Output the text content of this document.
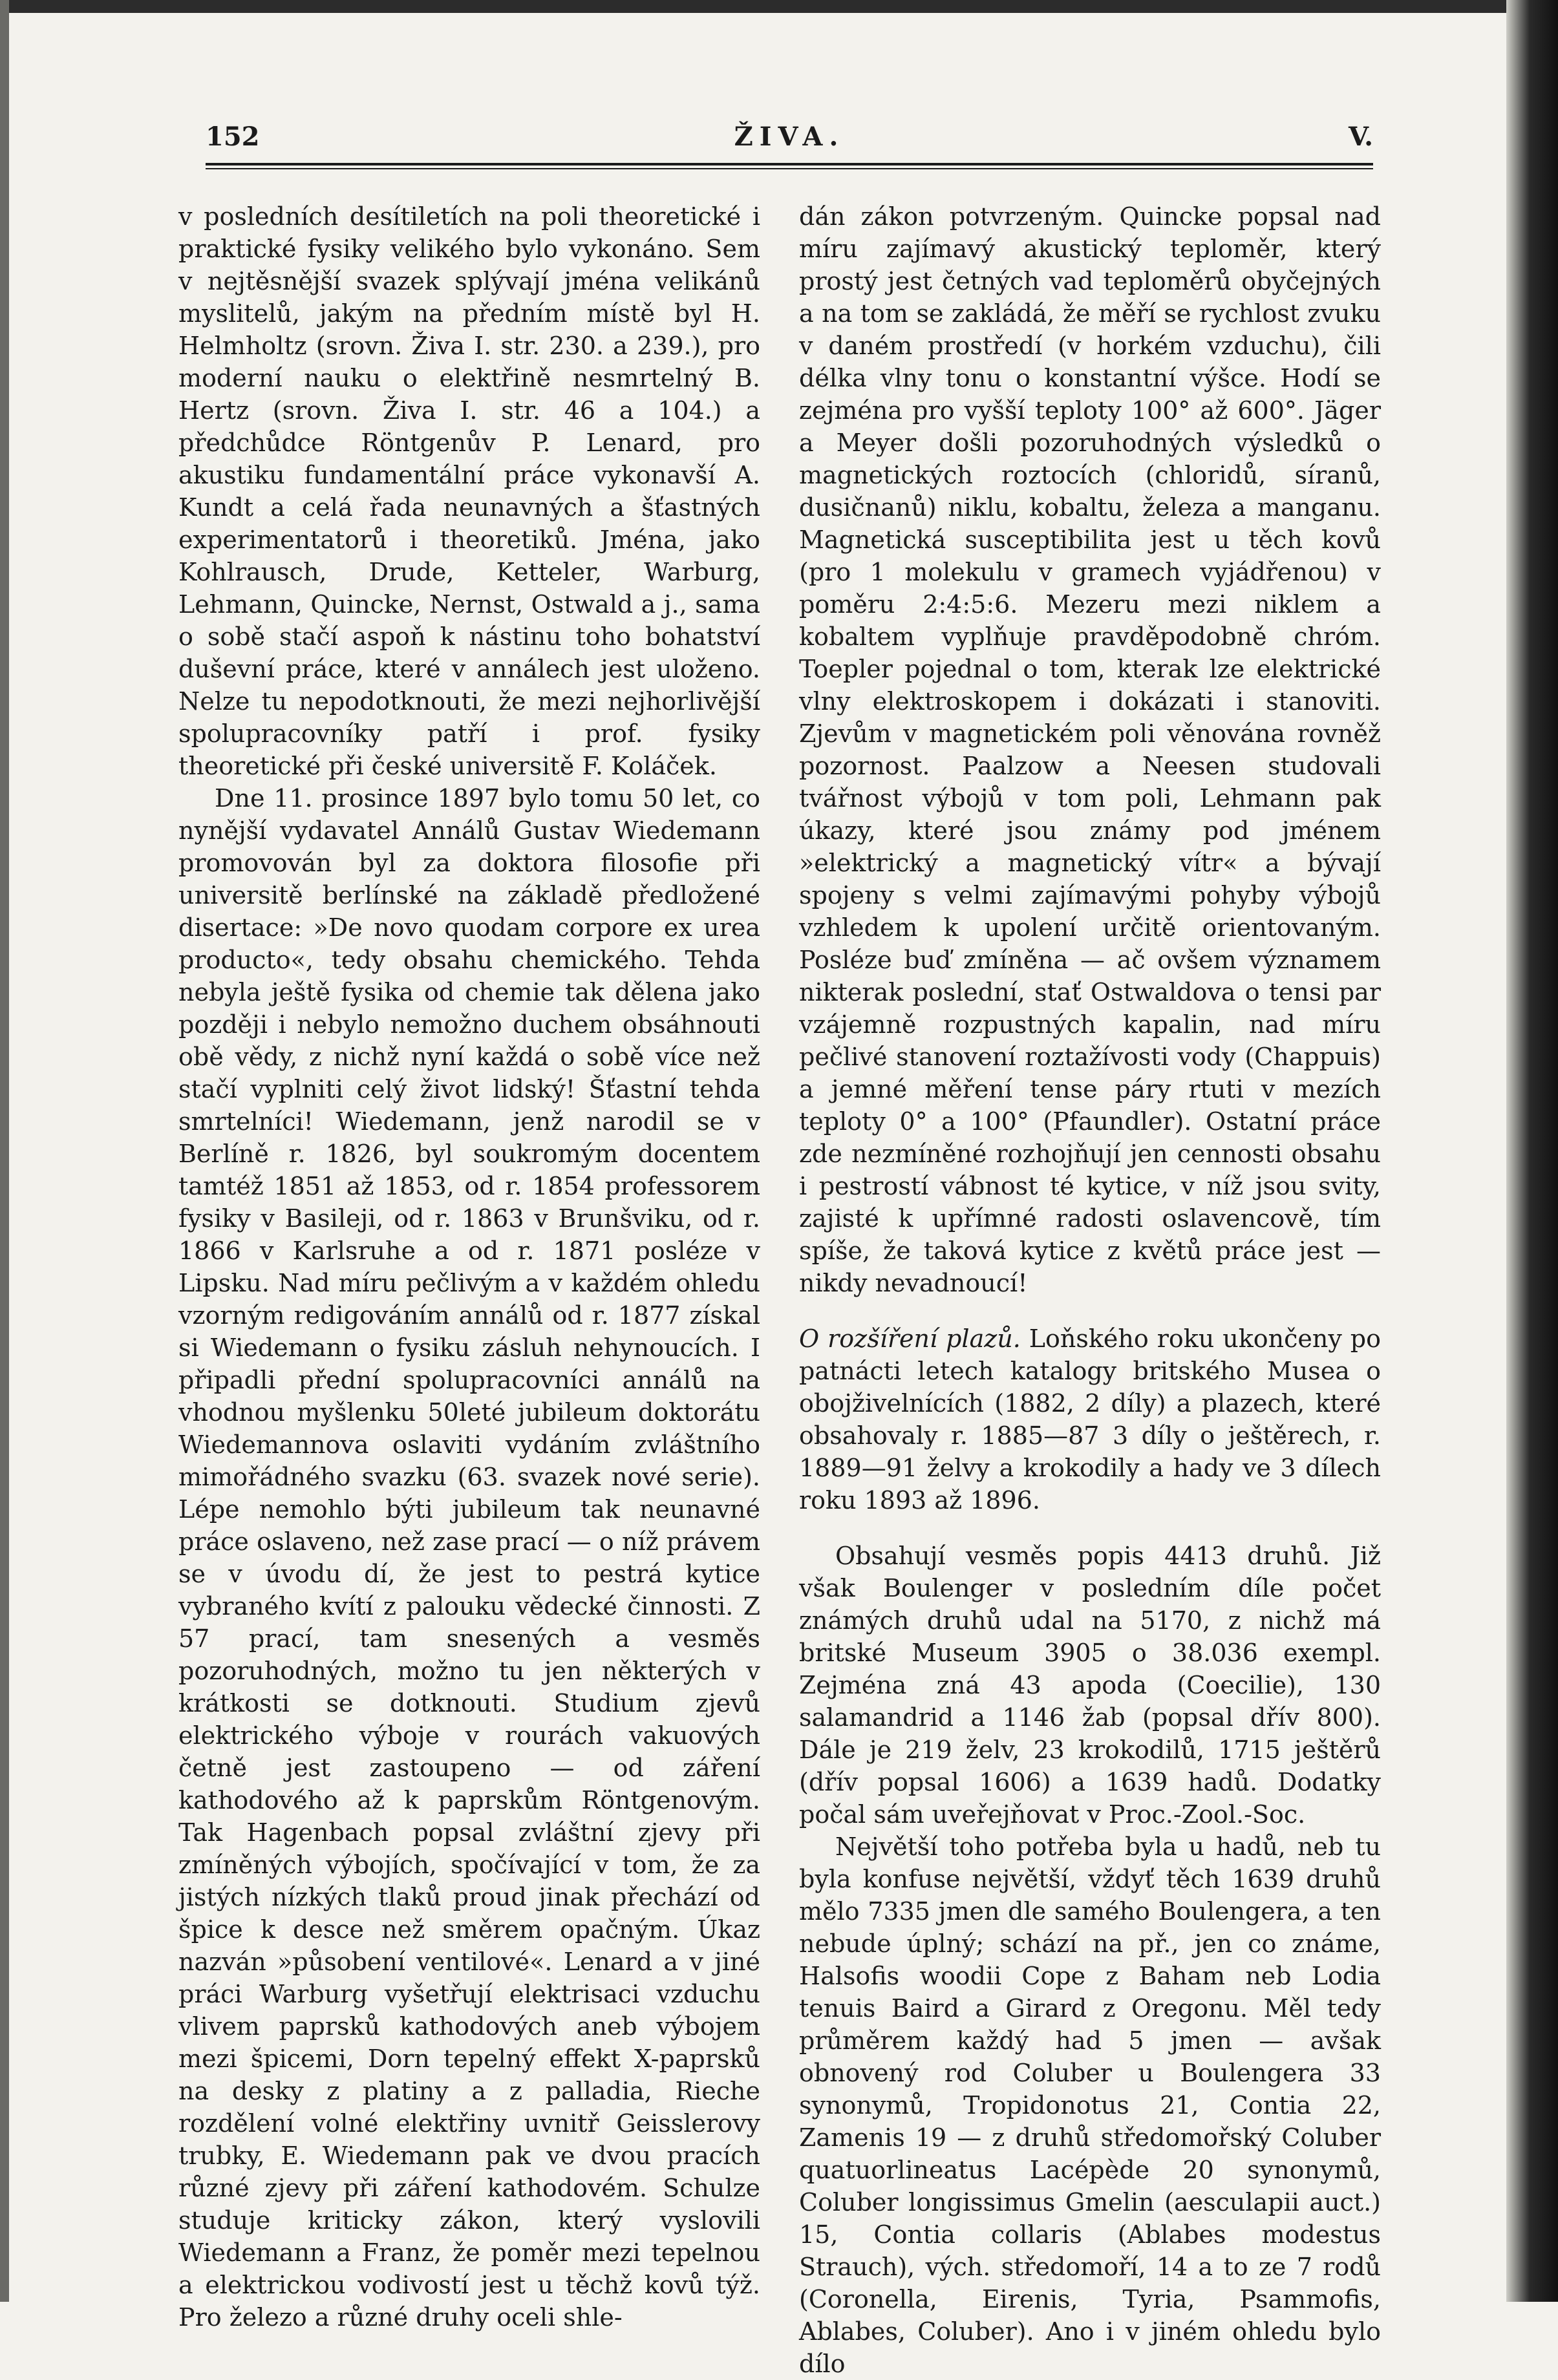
152	ŽIVA.	V.

v posledních desítiletích na poli theoretické i praktické fysiky velikého bylo vykonáno. Sem v nejtěsnější svazek splývají jména velikánů myslitelů, jakým na předním místě byl H. Helmholtz (srovn. Živa I. str. 230. a 239.), pro moderní nauku o elektřině nesmrtelný B. Hertz (srovn. Živa I. str. 46 a 104.) a předchůdce Röntgenův P. Lenard, pro akustiku fundamentální práce vykonavší A. Kundt a celá řada neunavných a šťastných experimentatorů i theoretiků. Jména, jako Kohlrausch, Drude, Ketteler, Warburg, Lehmann, Quincke, Nernst, Ostwald a j., sama o sobě stačí aspoň k nástinu toho bohatství duševní práce, které v annálech jest uloženo. Nelze tu nepodotknouti, že mezi nejhorlivější spolupracovníky patří i prof. fysiky theoretické při české universitě F. Koláček.

Dne 11. prosince 1897 bylo tomu 50 let, co nynější vydavatel Annálů Gustav Wiedemann promovován byl za doktora filosofie při universitě berlínské na základě předložené disertace: »De novo quodam corpore ex urea producto«, tedy obsahu chemického. Tehda nebyla ještě fysika od chemie tak dělena jako později i nebylo nemožno duchem obsáhnouti obě vědy, z nichž nyní každá o sobě více než stačí vyplniti celý život lidský! Šťastní tehda smrtelníci! Wiedemann, jenž narodil se v Berlíně r. 1826, byl soukromým docentem tamtéž 1851 až 1853, od r. 1854 professorem fysiky v Basileji, od r. 1863 v Brunšviku, od r. 1866 v Karlsruhe a od r. 1871 posléze v Lipsku. Nad míru pečlivým a v každém ohledu vzorným redigováním annálů od r. 1877 získal si Wiedemann o fysiku zásluh nehynoucích. I připadli přední spolupracovníci annálů na vhodnou myšlenku 50leté jubileum doktorátu Wiedemannova oslaviti vydáním zvláštního mimořádného svazku (63. svazek nové serie). Lépe nemohlo býti jubileum tak neunavné práce oslaveno, než zase prací — o níž právem se v úvodu dí, že jest to pestrá kytice vybraného kvítí z palouku vědecké činnosti. Z 57 prací, tam snesených a vesměs pozoruhodných, možno tu jen některých v krátkosti se dotknouti. Studium zjevů elektrického výboje v rourách vakuových četně jest zastoupeno — od záření kathodového až k paprskům Röntgenovým. Tak Hagenbach popsal zvláštní zjevy při zmíněných výbojích, spočívající v tom, že za jistých nízkých tlaků proud jinak přechází od špice k desce než směrem opačným. Úkaz nazván »působení ventilové«. Lenard a v jiné práci Warburg vyšetřují elektrisaci vzduchu vlivem paprsků kathodových aneb výbojem mezi špicemi, Dorn tepelný effekt X-paprsků na desky z platiny a z palladia, Rieche rozdělení volné elektřiny uvnitř Geisslerovy trubky, E. Wiedemann pak ve dvou pracích různé zjevy při záření kathodovém. Schulze studuje kriticky zákon, který vyslovili Wiedemann a Franz, že poměr mezi tepelnou a elektrickou vodivostí jest u těchž kovů týž. Pro železo a různé druhy oceli shle-

dán zákon potvrzeným. Quincke popsal nad míru zajímavý akustický teploměr, který prostý jest četných vad teploměrů obyčejných a na tom se zakládá, že měří se rychlost zvuku v daném prostředí (v horkém vzduchu), čili délka vlny tonu o konstantní výšce. Hodí se zejména pro vyšší teploty 100° až 600°. Jäger a Meyer došli pozoruhodných výsledků o magnetických roztocích (chloridů, síranů, dusičnanů) niklu, kobaltu, železa a manganu. Magnetická susceptibilita jest u těch kovů (pro 1 molekulu v gramech vyjádřenou) v poměru 2:4:5:6. Mezeru mezi niklem a kobaltem vyplňuje pravděpodobně chróm. Toepler pojednal o tom, kterak lze elektrické vlny elektroskopem i dokázati i stanoviti. Zjevům v magnetickém poli věnována rovněž pozornost. Paalzow a Neesen studovali tvářnost výbojů v tom poli, Lehmann pak úkazy, které jsou známy pod jménem »elektrický a magnetický vítr« a bývají spojeny s velmi zajímavými pohyby výbojů vzhledem k upolení určitě orientovaným. Posléze buď zmíněna — ač ovšem významem nikterak poslední, stať Ostwaldova o tensi par vzájemně rozpustných kapalin, nad míru pečlivé stanovení roztažívosti vody (Chappuis) a jemné měření tense páry rtuti v mezích teploty 0° a 100° (Pfaundler). Ostatní práce zde nezmíněné rozhojňují jen cennosti obsahu i pestrostí vábnost té kytice, v níž jsou svity, zajisté k upřímné radosti oslavencově, tím spíše, že taková kytice z květů práce jest — nikdy nevadnoucí!

O rozšíření plazů. Loňského roku ukončeny po patnácti letech katalogy britského Musea o obojživelnících (1882, 2 díly) a plazech, které obsahovaly r. 1885—87 3 díly o ještěrech, r. 1889—91 želvy a krokodily a hady ve 3 dílech roku 1893 až 1896.

Obsahují vesměs popis 4413 druhů. Již však Boulenger v posledním díle počet známých druhů udal na 5170, z nichž má britské Museum 3905 o 38.036 exempl. Zejména zná 43 apoda (Coecilie), 130 salamandrid a 1146 žab (popsal dřív 800). Dále je 219 želv, 23 krokodilů, 1715 ještěrů (dřív popsal 1606) a 1639 hadů. Dodatky počal sám uveřejňovat v Proc.-Zool.-Soc.

Největší toho potřeba byla u hadů, neb tu byla konfuse největší, vždyť těch 1639 druhů mělo 7335 jmen dle samého Boulengera, a ten nebude úplný; schází na př., jen co známe, Halsofis woodii Cope z Baham neb Lodia tenuis Baird a Girard z Oregonu. Měl tedy průměrem každý had 5 jmen — avšak obnovený rod Coluber u Boulengera 33 synonymů, Tropidonotus 21, Contia 22, Zamenis 19 — z druhů středomořský Coluber quatuorlineatus Lacépède 20 synonymů, Coluber longissimus Gmelin (aesculapii auct.) 15, Contia collaris (Ablabes modestus Strauch), vých. středomoří, 14 a to ze 7 rodů (Coronella, Eirenis, Tyria, Psammofis, Ablabes, Coluber). Ano i v jiném ohledu bylo dílo
